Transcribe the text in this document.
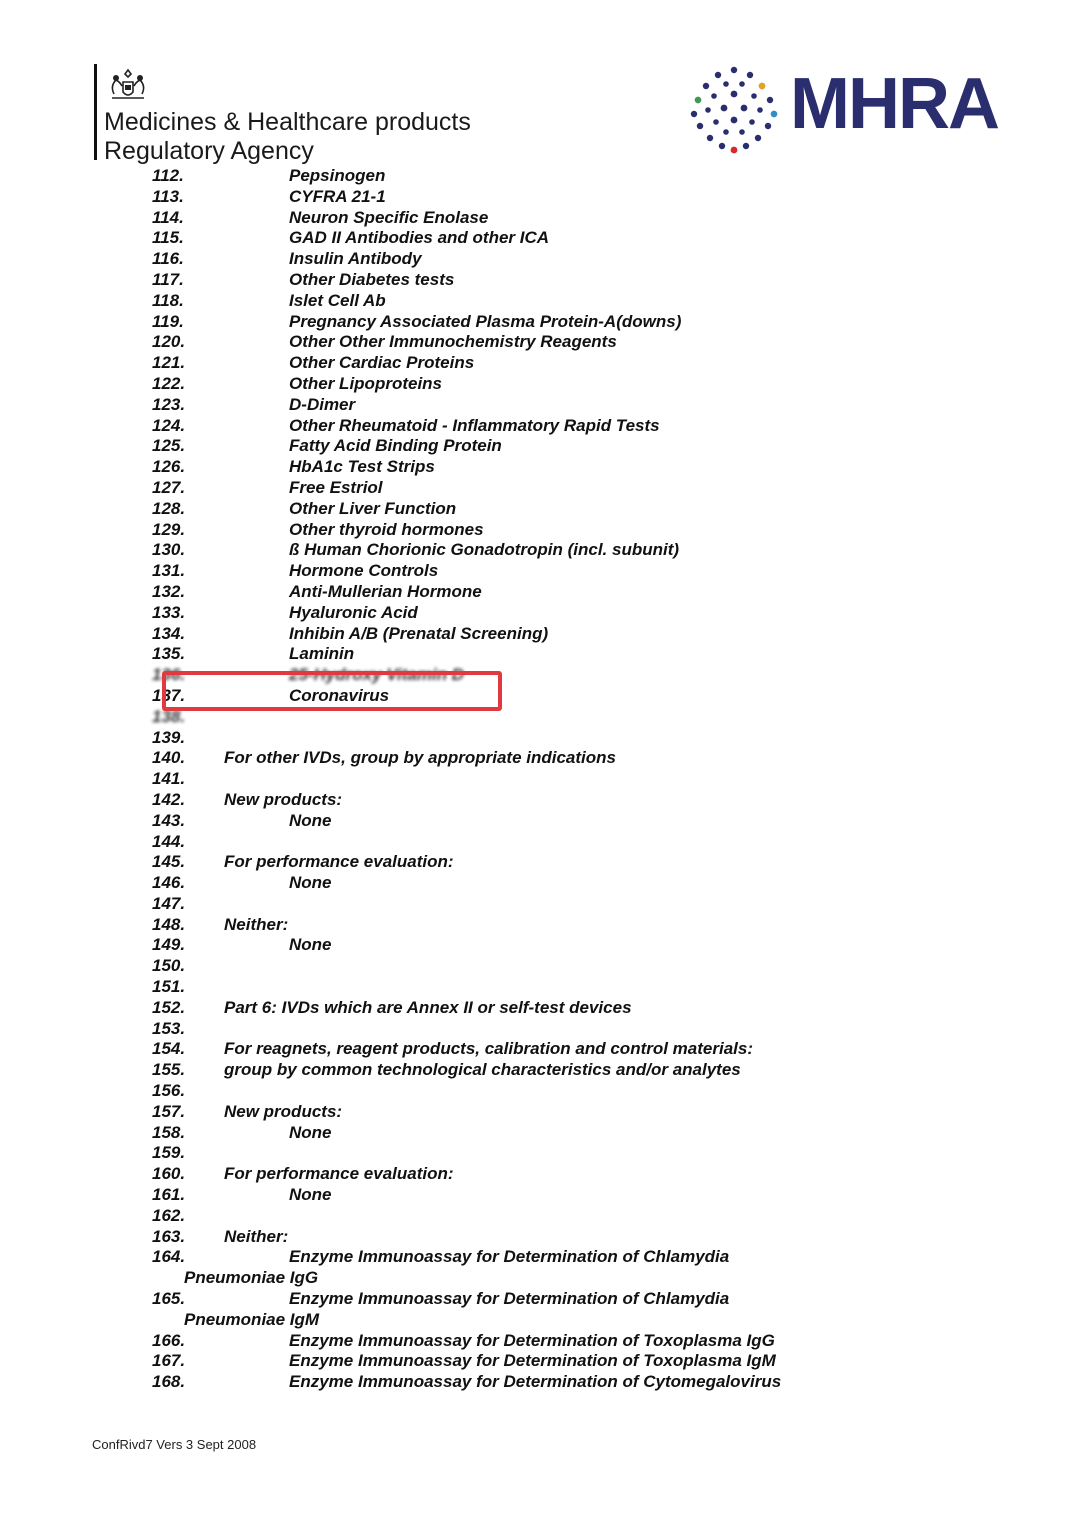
Medicines & Healthcare products
Regulatory Agency
MHRA
112.	Pepsinogen
113.	CYFRA 21-1
114.	Neuron Specific Enolase
115.	GAD II Antibodies and other ICA
116.	Insulin Antibody
117.	Other Diabetes tests
118.	Islet Cell Ab
119.	Pregnancy Associated Plasma Protein-A(downs)
120.	Other Other Immunochemistry Reagents
121.	Other Cardiac Proteins
122.	Other Lipoproteins
123.	D-Dimer
124.	Other Rheumatoid - Inflammatory Rapid Tests
125.	Fatty Acid Binding Protein
126.	HbA1c Test Strips
127.	Free Estriol
128.	Other Liver Function
129.	Other thyroid hormones
130.	ß Human Chorionic Gonadotropin (incl. subunit)
131.	Hormone Controls
132.	Anti-Mullerian Hormone
133.	Hyaluronic Acid
134.	Inhibin A/B (Prenatal Screening)
135.	Laminin
136.	25-Hydroxy Vitamin D
137.	Coronavirus
138.
139.
140. For other IVDs, group by appropriate indications
141.
142. New products:
143.	None
144.
145. For performance evaluation:
146.	None
147.
148. Neither:
149.	None
150.
151.
152. Part 6: IVDs which are Annex II or self-test devices
153.
154. For reagnets, reagent products, calibration and control materials:
155. group by common technological characteristics and/or analytes
156.
157. New products:
158.	None
159.
160. For performance evaluation:
161.	None
162.
163. Neither:
164.	Enzyme Immunoassay for Determination of Chlamydia
Pneumoniae IgG
165.	Enzyme Immunoassay for Determination of Chlamydia
Pneumoniae IgM
166.	Enzyme Immunoassay for Determination of Toxoplasma IgG
167.	Enzyme Immunoassay for Determination of Toxoplasma IgM
168.	Enzyme Immunoassay for Determination of Cytomegalovirus
ConfRivd7 Vers 3 Sept 2008
